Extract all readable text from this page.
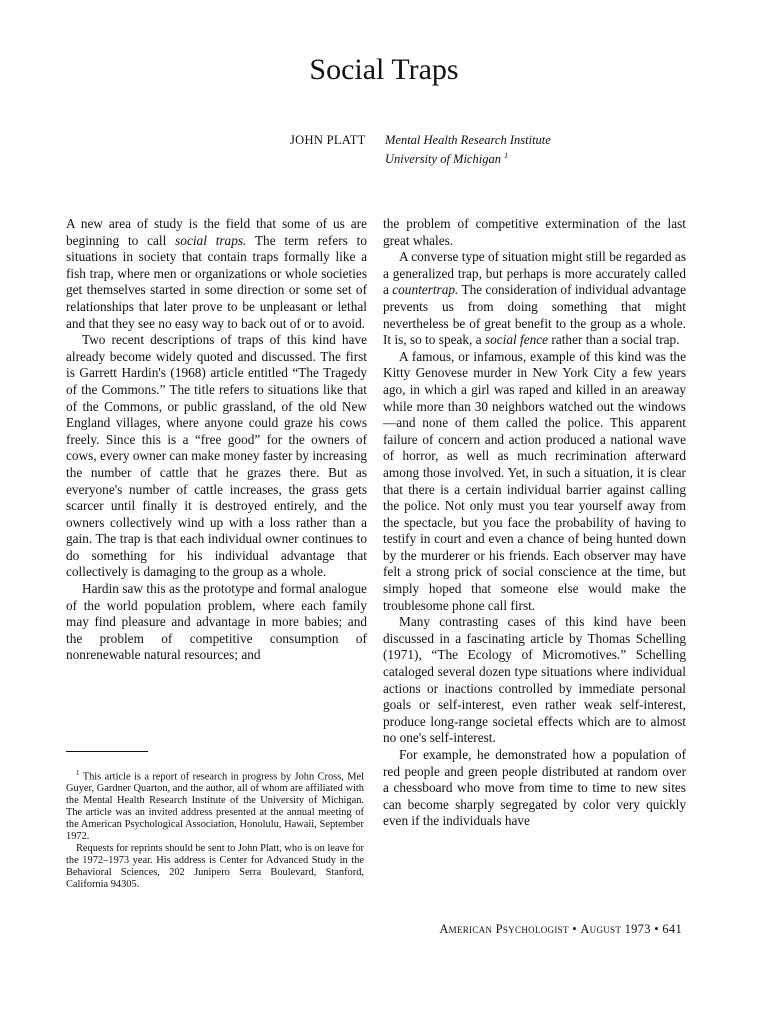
Social Traps
JOHN PLATT Mental Health Research Institute
University of Michigan $^1$

A new area of study is the field that some of us are beginning to call social traps. The term refers to situations in society that contain traps formally like a fish trap, where men or organizations or whole societies get themselves started in some direction or some set of relationships that later prove to be unpleasant or lethal and that they see no easy way to back out of or to avoid.

Two recent descriptions of traps of this kind have already become widely quoted and discussed. The first is Garrett Hardin's (1968) article entitled “The Tragedy of the Commons.” The title refers to situations like that of the Commons, or public grassland, of the old New England villages, where anyone could graze his cows freely. Since this is a “free good” for the owners of cows, every owner can make money faster by increasing the number of cattle that he grazes there. But as everyone's number of cattle increases, the grass gets scarcer until finally it is destroyed entirely, and the owners collectively wind up with a loss rather than a gain. The trap is that each individual owner continues to do something for his individual advantage that collectively is damaging to the group as a whole.

Hardin saw this as the prototype and formal analogue of the world population problem, where each family may find pleasure and advantage in more babies; and the problem of competitive consumption of nonrenewable natural resources; and

the problem of competitive extermination of the last great whales.

A converse type of situation might still be regarded as a generalized trap, but perhaps is more accurately called a countertrap. The consideration of individual advantage prevents us from doing something that might nevertheless be of great benefit to the group as a whole. It is, so to speak, a social fence rather than a social trap.

A famous, or infamous, example of this kind was the Kitty Genovese murder in New York City a few years ago, in which a girl was raped and killed in an areaway while more than 30 neighbors watched out the windows—and none of them called the police. This apparent failure of concern and action produced a national wave of horror, as well as much recrimination afterward among those involved. Yet, in such a situation, it is clear that there is a certain individual barrier against calling the police. Not only must you tear yourself away from the spectacle, but you face the probability of having to testify in court and even a chance of being hunted down by the murderer or his friends. Each observer may have felt a strong prick of social conscience at the time, but simply hoped that someone else would make the troublesome phone call first.

Many contrasting cases of this kind have been discussed in a fascinating article by Thomas Schelling (1971), “The Ecology of Micromotives.” Schelling cataloged several dozen type situations where individual actions or inactions controlled by immediate personal goals or self-interest, even rather weak self-interest, produce long-range societal effects which are to almost no one's self-interest.

For example, he demonstrated how a population of red people and green people distributed at random over a chessboard who move from time to time to new sites can become sharply segregated by color very quickly even if the individuals have

$^1$ This article is a report of research in progress by John Cross, Mel Guyer, Gardner Quarton, and the author, all of whom are affiliated with the Mental Health Research Institute of the University of Michigan. The article was an invited address presented at the annual meeting of the American Psychological Association, Honolulu, Hawaii, September 1972.

Requests for reprints should be sent to John Platt, who is on leave for the 1972–1973 year. His address is Center for Advanced Study in the Behavioral Sciences, 202 Junipero Serra Boulevard, Stanford, California 94305.

American Psychologist • August 1973 • 641
